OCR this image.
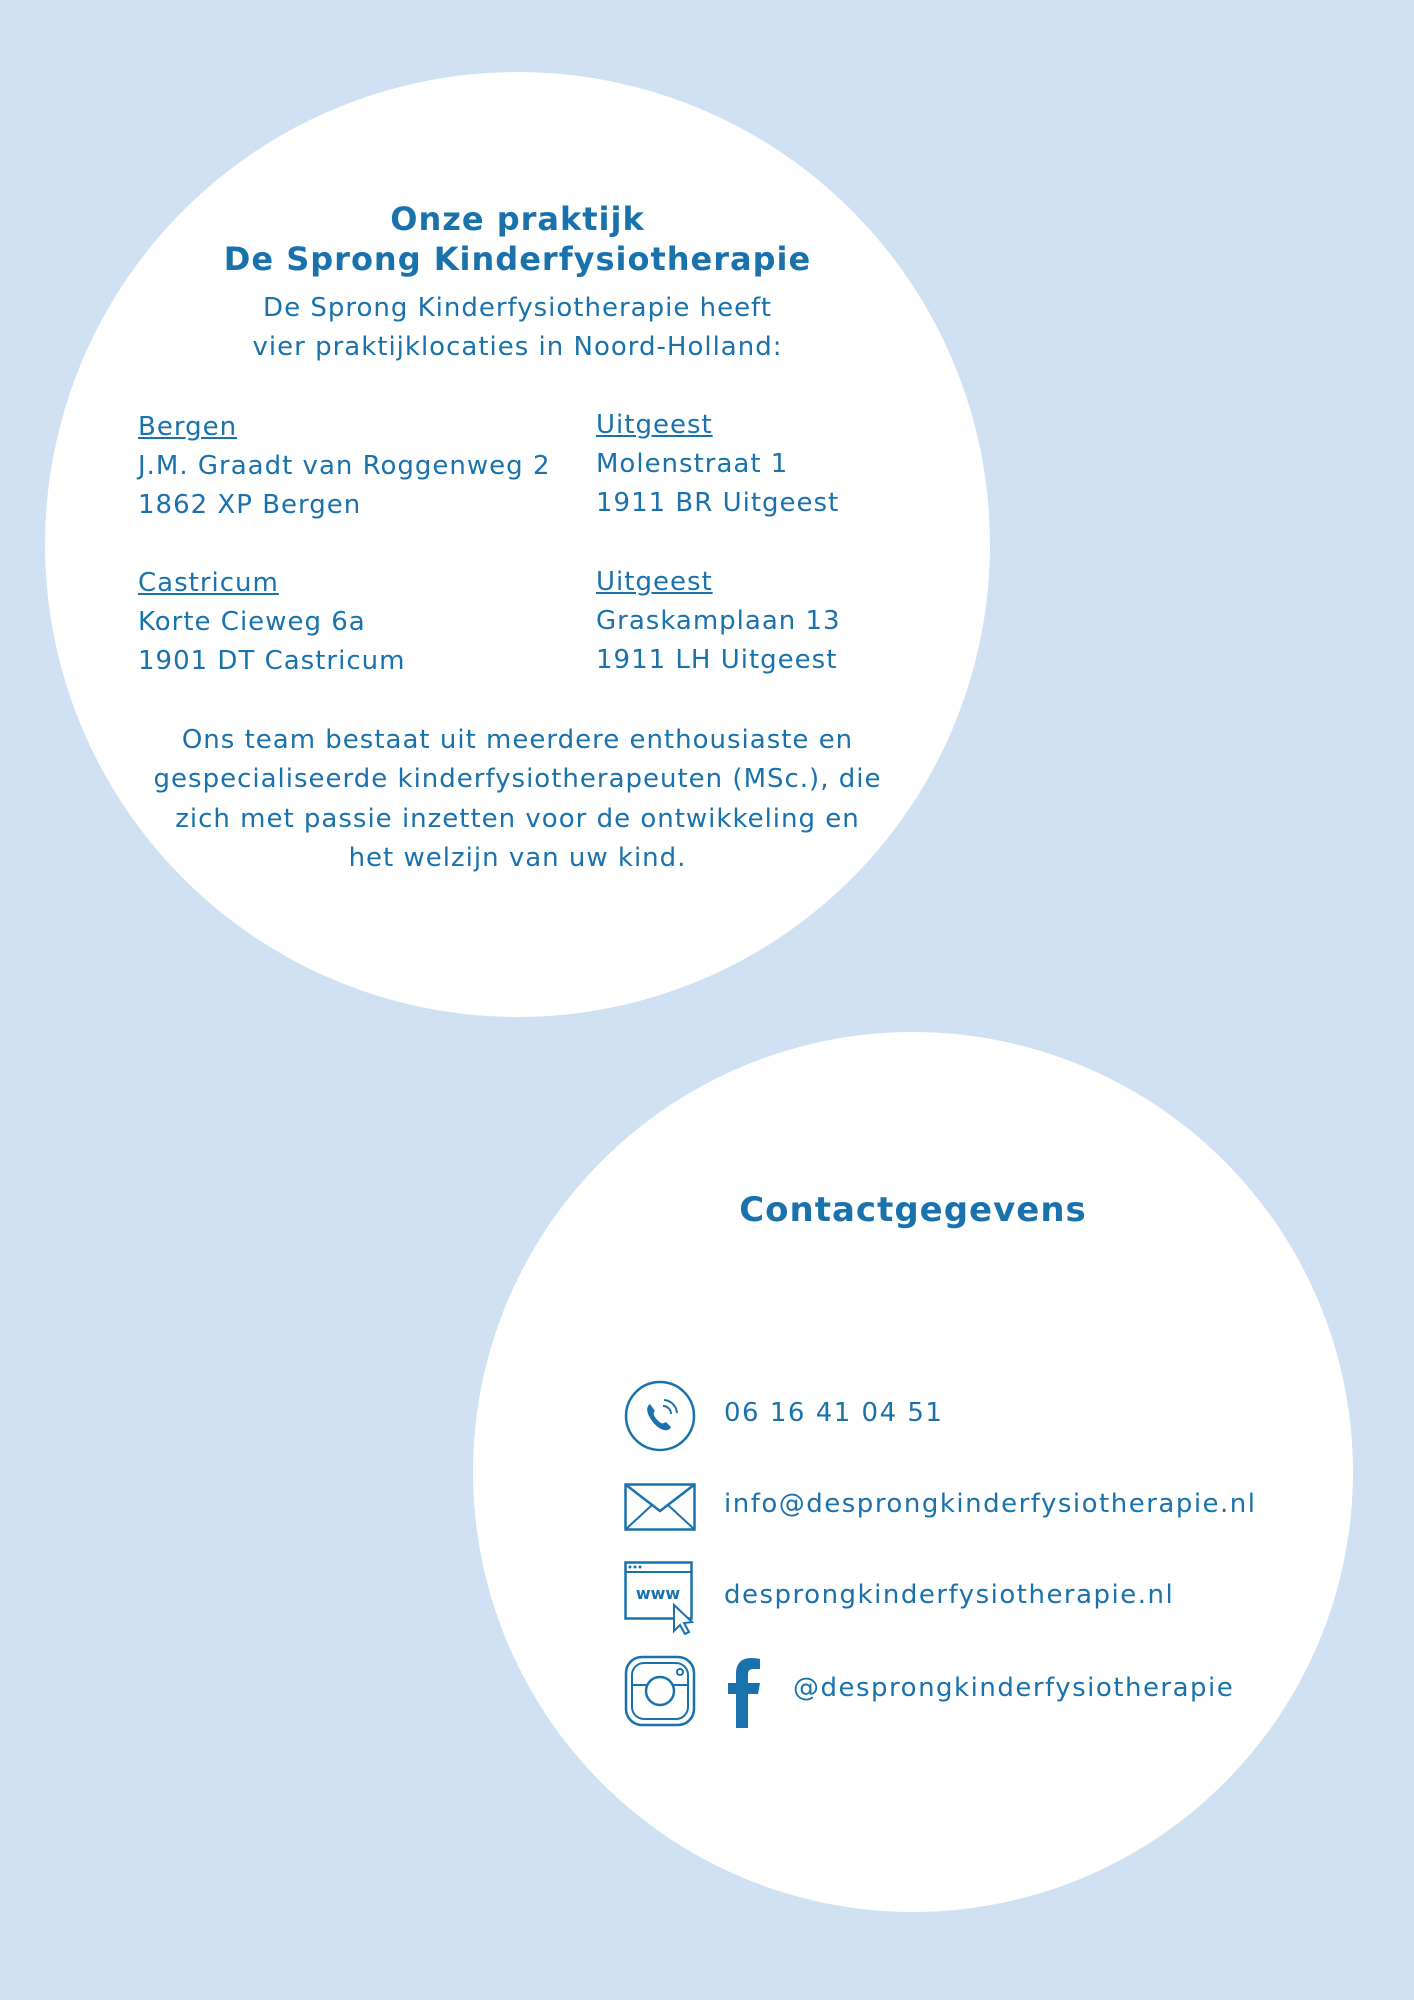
Onze praktijk
De Sprong Kinderfysiotherapie
De Sprong Kinderfysiotherapie heeft
vier praktijklocaties in Noord-Holland:
Bergen
J.M. Graadt van Roggenweg 2
1862 XP Bergen
Uitgeest
Molenstraat 1
1911 BR Uitgeest
Castricum
Korte Cieweg 6a
1901 DT Castricum
Uitgeest
Graskamplaan 13
1911 LH Uitgeest
Ons team bestaat uit meerdere enthousiaste en
gespecialiseerde kinderfysiotherapeuten (MSc.), die
zich met passie inzetten voor de ontwikkeling en
het welzijn van uw kind.
Contactgegevens
06 16 41 04 51
info@desprongkinderfysiotherapie.nl
www desprongkinderfysiotherapie.nl
@desprongkinderfysiotherapie
